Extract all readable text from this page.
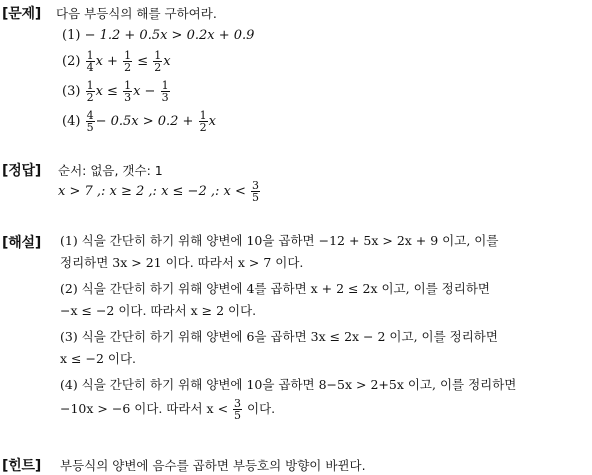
[문제] 다음 부등식의 해를 구하여라.
(1) − 1.2 + 0.5x > 0.2x + 0.9
$(2) \frac{1}{4}$ $x + \frac{1}{2} \le \frac{1}{2}$ x
$(3) \frac{1}{2}$ $x \le \frac{1}{3}$ $x - \frac{1}{3}$
$(4) \frac{4}{5} - 0.5x > 0.2 + \frac{1}{2}$ x
[정답] 순서: 없음, 갯수: 1
x > 7 ,: x ≥ 2 ,: x ≤ −2 ,: $x < \frac{3}{5}$
[해설] (1) 식을 간단히 하기 위해 양변에 10을 곱하면 −12 + 5x > 2x + 9 이고, 이를
정리하면 3x > 21 이다. 따라서 x > 7 이다.
(2) 식을 간단히 하기 위해 양변에 4를 곱하면 x + 2 ≤ 2x 이고, 이를 정리하면
−x ≤ −2 이다. 따라서 x ≥ 2 이다.
(3) 식을 간단히 하기 위해 양변에 6을 곱하면 3x ≤ 2x − 2 이고, 이를 정리하면
x ≤ −2 이다.
(4) 식을 간단히 하기 위해 양변에 10을 곱하면 8−5x > 2+5x 이고, 이를 정리하면
−10x > −6 이다. 따라서 $x < \frac{3}{5}$ 이다.
[힌트] 부등식의 양변에 음수를 곱하면 부등호의 방향이 바뀐다.
